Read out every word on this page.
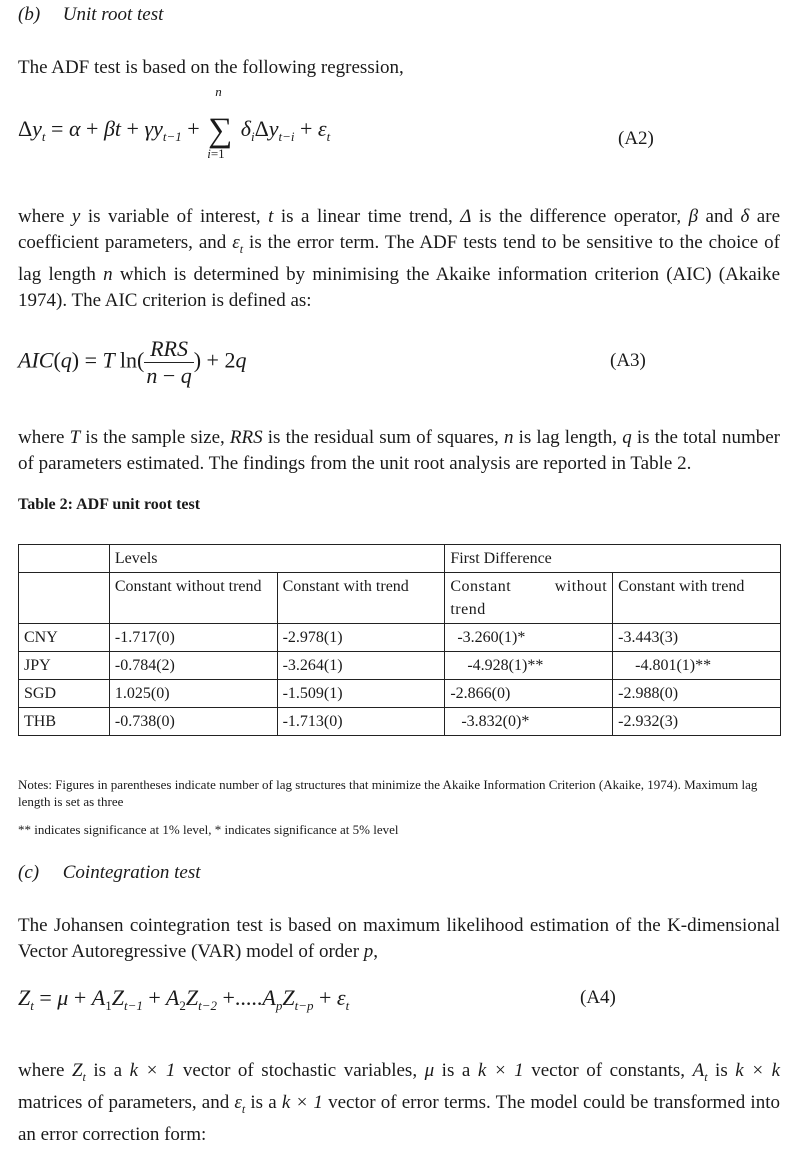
(b) Unit root test

The ADF test is based on the following regression,

$\Delta y_t = \alpha + \beta t + \gamma y_{t-1}$ +
n
∑
i=1
$\delta_i\Delta y_{t-i} + \varepsilon_t$	(A2)

where y is variable of interest, t is a linear time trend, Δ is the difference operator, β and δ are coefficient parameters, and $\varepsilon_t$ is the error term. The ADF tests tend to be sensitive to the choice of lag length n which is determined by minimising the Akaike information criterion (AIC) (Akaike 1974). The AIC criterion is defined as:

AIC(q) = T $\ln( \frac{\text{RRS}}{n - q}$ ) + 2q	(A3)

where T is the sample size, RRS is the residual sum of squares, n is lag length, q is the total number of parameters estimated. The findings from the unit root analysis are reported in Table 2.

Table 2: ADF unit root test
	Levels		First Difference	
	Constant without trend	Constant with trend	Constant without trend	Constant with trend
CNY	-1.717(0)	-2.978(1)	-3.260(1)*	-3.443(3)
JPY	-0.784(2)	-3.264(1)	-4.928(1)**	-4.801(1)**
SGD	1.025(0)	-1.509(1)	-2.866(0)	-2.988(0)
THB	-0.738(0)	-1.713(0)	-3.832(0)*	-2.932(3)
Notes: Figures in parentheses indicate number of lag structures that minimize the Akaike Information Criterion (Akaike, 1974). Maximum lag length is set as three
** indicates significance at 1% level, * indicates significance at 5% level
(c) Cointegration test

The Johansen cointegration test is based on maximum likelihood estimation of the K-dimensional Vector Autoregressive (VAR) model of order p,

$Z_t = \mu + A_1Z_{t-1} + A_2Z_{t-2} +.....A_pZ_{t-p} + \varepsilon_t$	(A4)

where $Z_t$ is a k × 1 vector of stochastic variables, μ is a k × 1 vector of constants, $A_t$ is k × k matrices of parameters, and $\varepsilon_t$ is a k × 1 vector of error terms. The model could be transformed into an error correction form:
